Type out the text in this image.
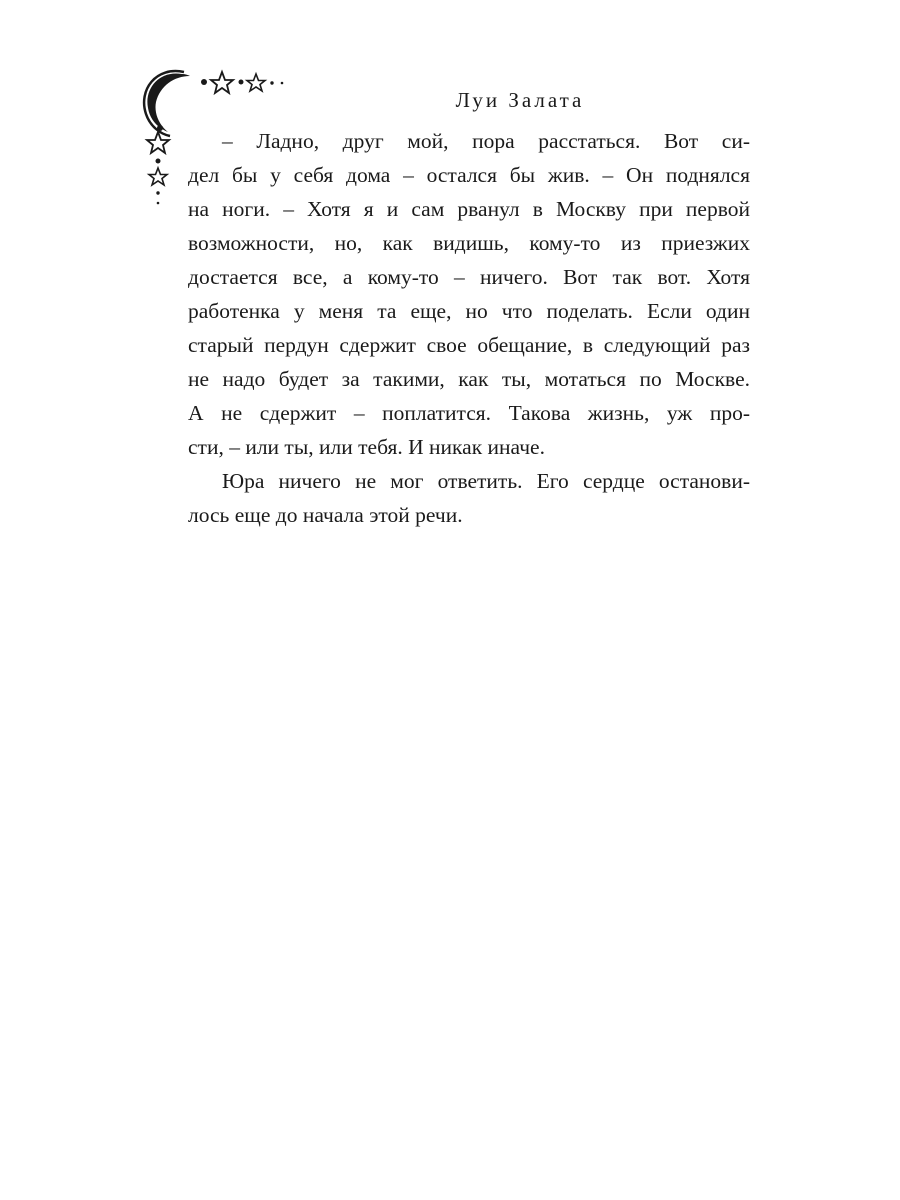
Луи Залата

– Ладно, друг мой, пора расстаться. Вот си-
дел бы у себя дома – остался бы жив. – Он поднялся
на ноги. – Хотя я и сам рванул в Москву при первой
возможности, но, как видишь, кому-то из приезжих
достается все, а кому-то – ничего. Вот так вот. Хотя
работенка у меня та еще, но что поделать. Если один
старый пердун сдержит свое обещание, в следующий раз
не надо будет за такими, как ты, мотаться по Москве.
А не сдержит – поплатится. Такова жизнь, уж про-
сти, – или ты, или тебя. И никак иначе.

Юра ничего не мог ответить. Его сердце останови-
лось еще до начала этой речи.
